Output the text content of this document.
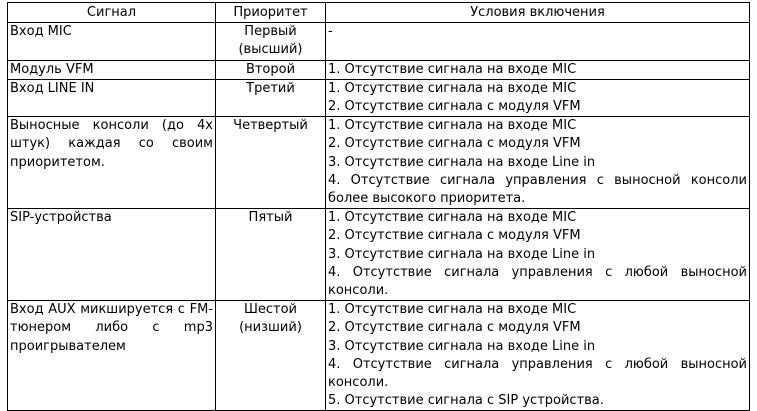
Сигнал	Приоритет	Условия включения
Вход MIC	Первый (высший)	-

Модуль VFM	Второй	1. Отсутствие сигнала на входе MIC

Вход LINE IN	Третий	1. Отсутствие сигнала на входе MIC
2. Отсутствие сигнала с модуля VFM

Выносные консоли (до 4х штук) каждая со своим приоритетом.	Четвертый	1. Отсутствие сигнала на входе MIC
2. Отсутствие сигнала с модуля VFM
3. Отсутствие сигнала на входе Line in
4. Отсутствие сигнала управления с выносной консоли более высокого приоритета.

SIP-устройства	Пятый	1. Отсутствие сигнала на входе MIC
2. Отсутствие сигнала с модуля VFM
3. Отсутствие сигнала на входе Line in
4. Отсутствие сигнала управления с любой выносной консоли.

Вход AUX микшируется с FM-тюнером либо с mp3 проигрывателем	Шестой (низший)	1. Отсутствие сигнала на входе MIC
2. Отсутствие сигнала с модуля VFM
3. Отсутствие сигнала на входе Line in
4. Отсутствие сигнала управления с любой выносной консоли.
5. Отсутствие сигнала с SIP устройства.
